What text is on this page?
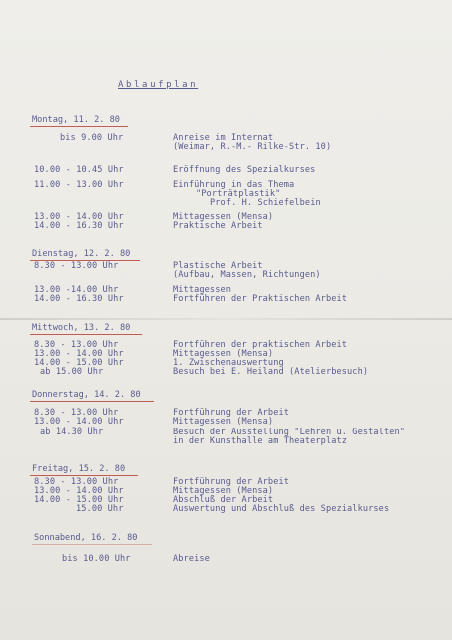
Ablaufplan
Montag, 11. 2. 80
bis 9.00 Uhr	Anreise im Internat
(Weimar, R.-M.- Rilke-Str. 10)
10.00 - 10.45 Uhr	Eröffnung des Spezialkurses
11.00 - 13.00 Uhr	Einführung in das Thema
"Porträtplastik"
Prof. H. Schiefelbein
13.00 - 14.00 Uhr	Mittagessen (Mensa)
14.00 - 16.30 Uhr	Praktische Arbeit
Dienstag, 12. 2. 80
8.30 - 13.00 Uhr	Plastische Arbeit
(Aufbau, Massen, Richtungen)
13.00 -14.00 Uhr	Mittagessen
14.00 - 16.30 Uhr	Fortführen der Praktischen Arbeit
Mittwoch, 13. 2. 80
8.30 - 13.00 Uhr	Fortführen der praktischen Arbeit
13.00 - 14.00 Uhr	Mittagessen (Mensa)
14.00 - 15.00 Uhr	1. Zwischenauswertung
ab 15.00 Uhr	Besuch bei E. Heiland (Atelierbesuch)
Donnerstag, 14. 2. 80
8.30 - 13.00 Uhr	Fortführung der Arbeit
13.00 - 14.00 Uhr	Mittagessen (Mensa)
ab 14.30 Uhr	Besuch der Ausstellung "Lehren u. Gestalten"
in der Kunsthalle am Theaterplatz
Freitag, 15. 2. 80
8.30 - 13.00 Uhr	Fortführung der Arbeit
13.00 - 14.00 Uhr	Mittagessen (Mensa)
14.00 - 15.00 Uhr	Abschluß der Arbeit
15.00 Uhr	Auswertung und Abschluß des Spezialkurses
Sonnabend, 16. 2. 80
bis 10.00 Uhr	Abreise
